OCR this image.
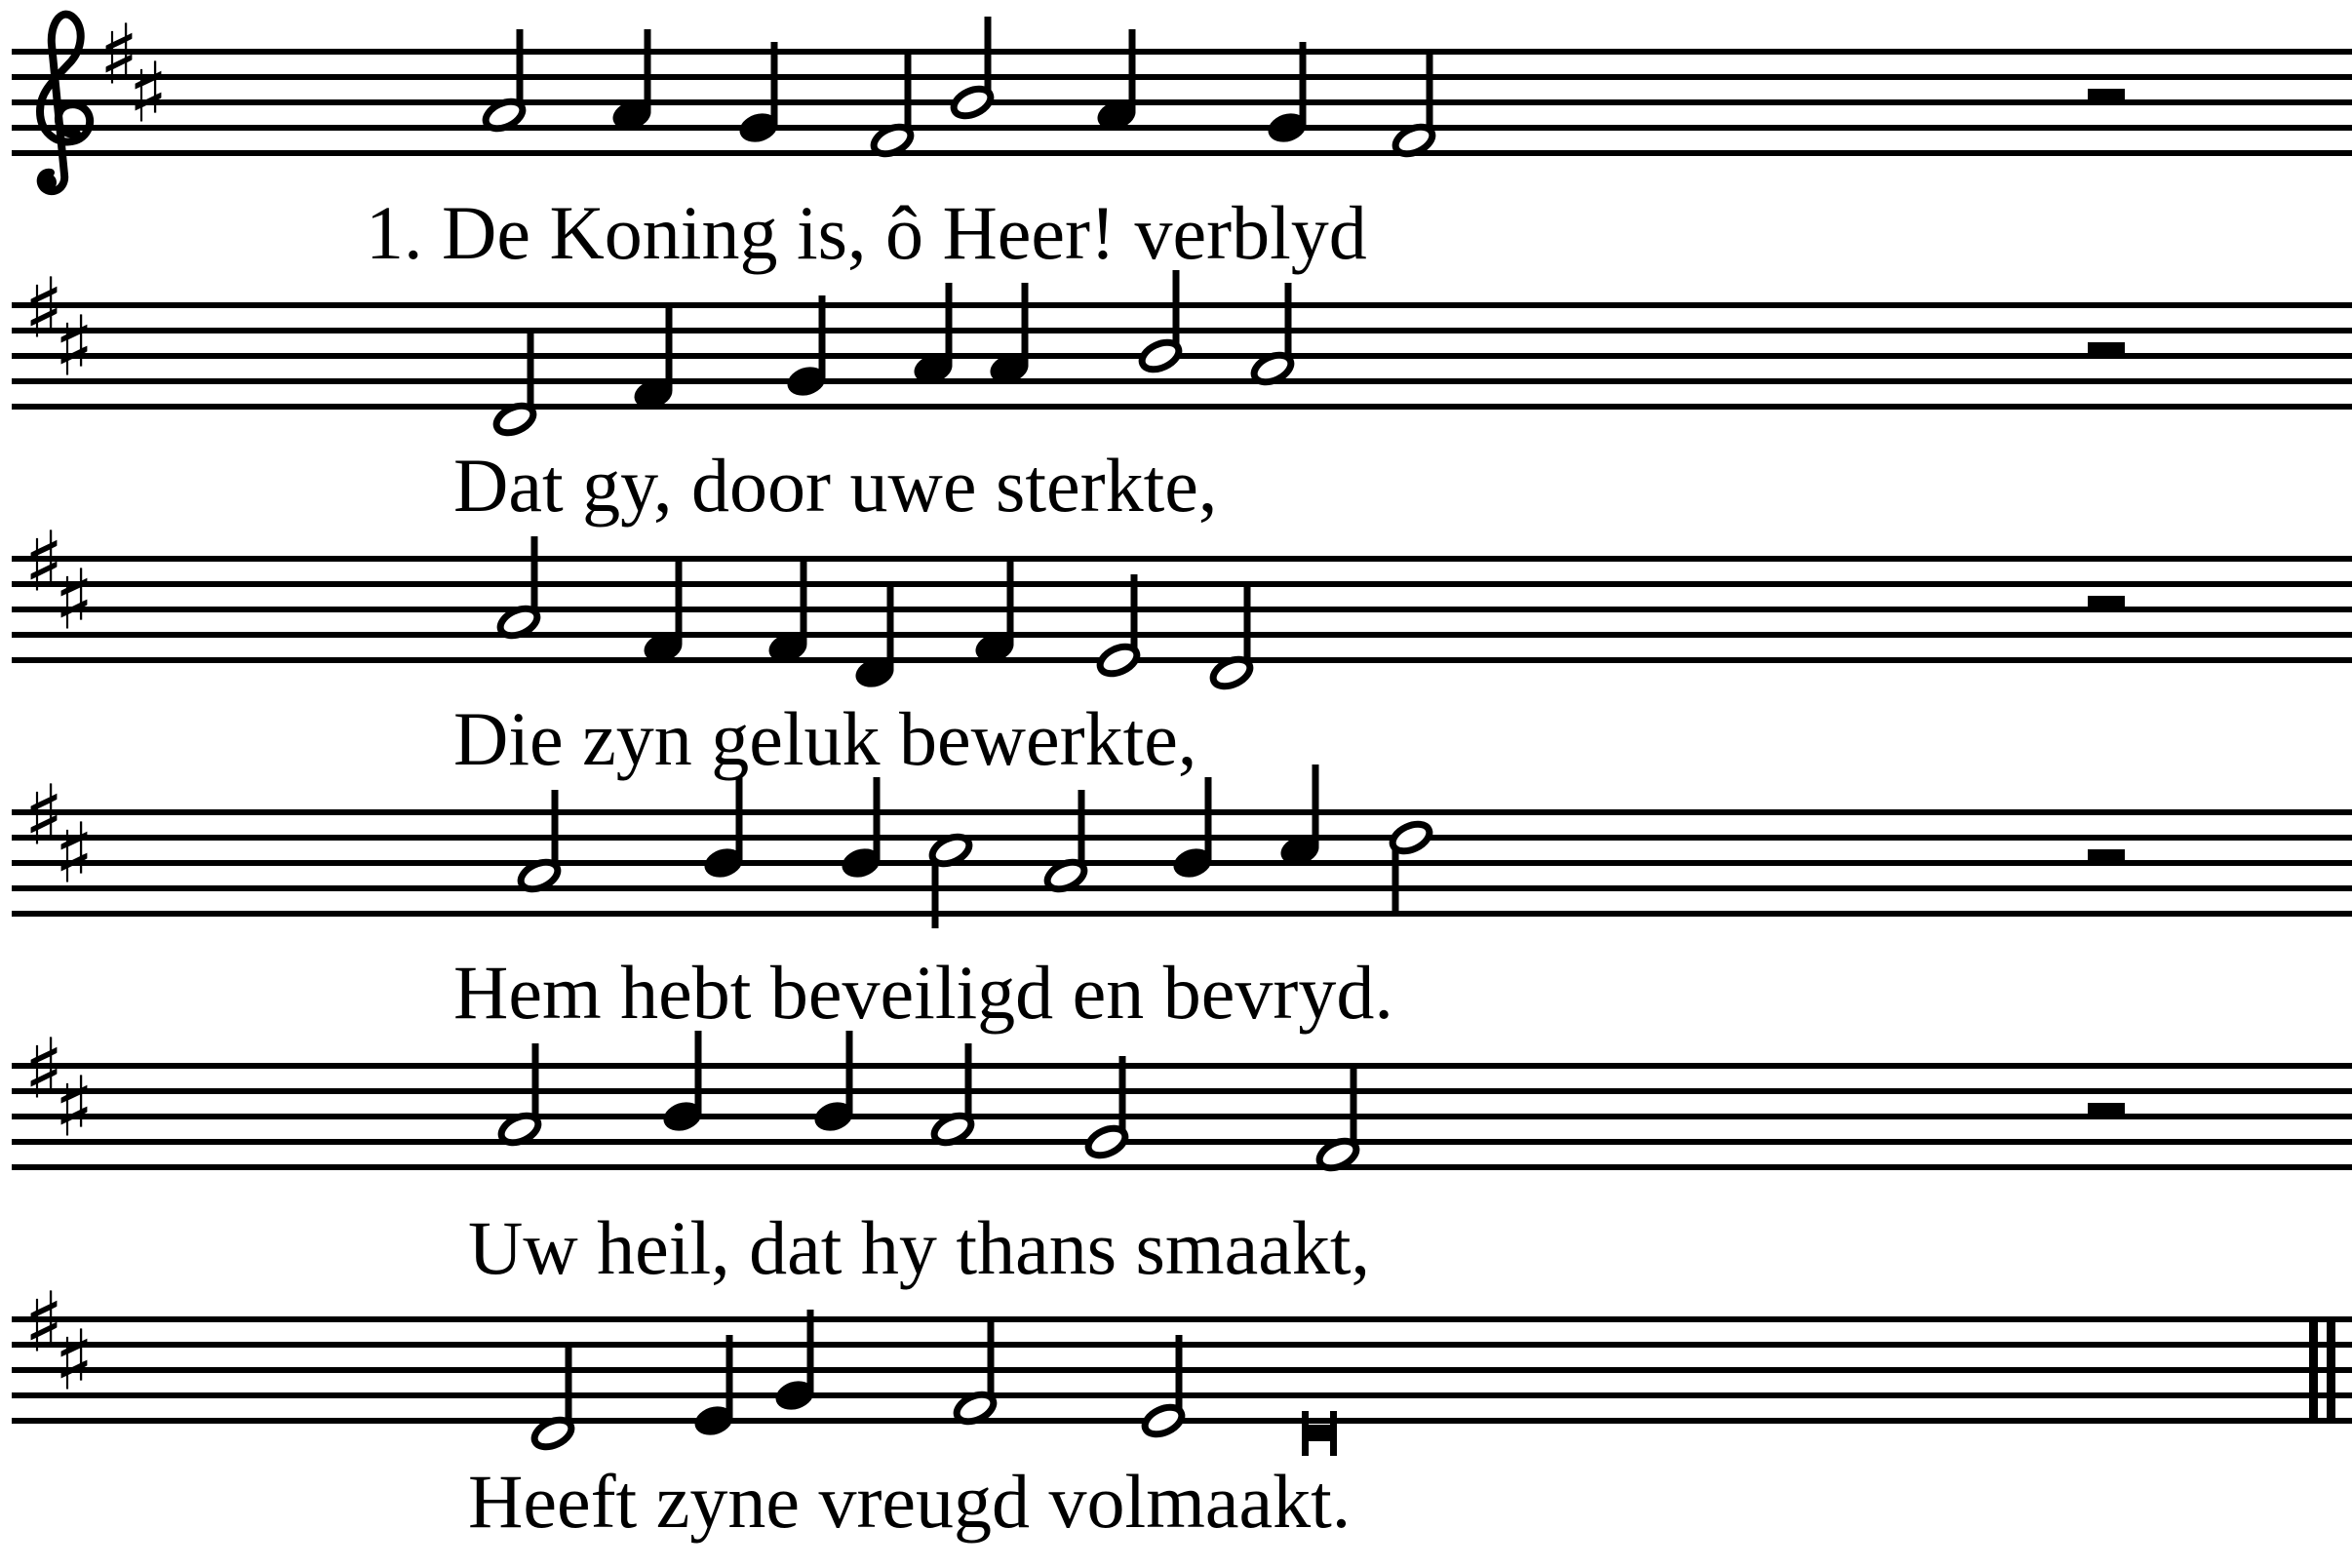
♯
♯
♯
♯
♯
♯
♯
♯
♯
♯
♯
♯
1. De Koning is, ô Heer! verblyd
Dat gy, door uwe sterkte,
Die zyn geluk bewerkte,
Hem hebt beveiligd en bevryd.
Uw heil, dat hy thans smaakt,
Heeft zyne vreugd volmaakt.
